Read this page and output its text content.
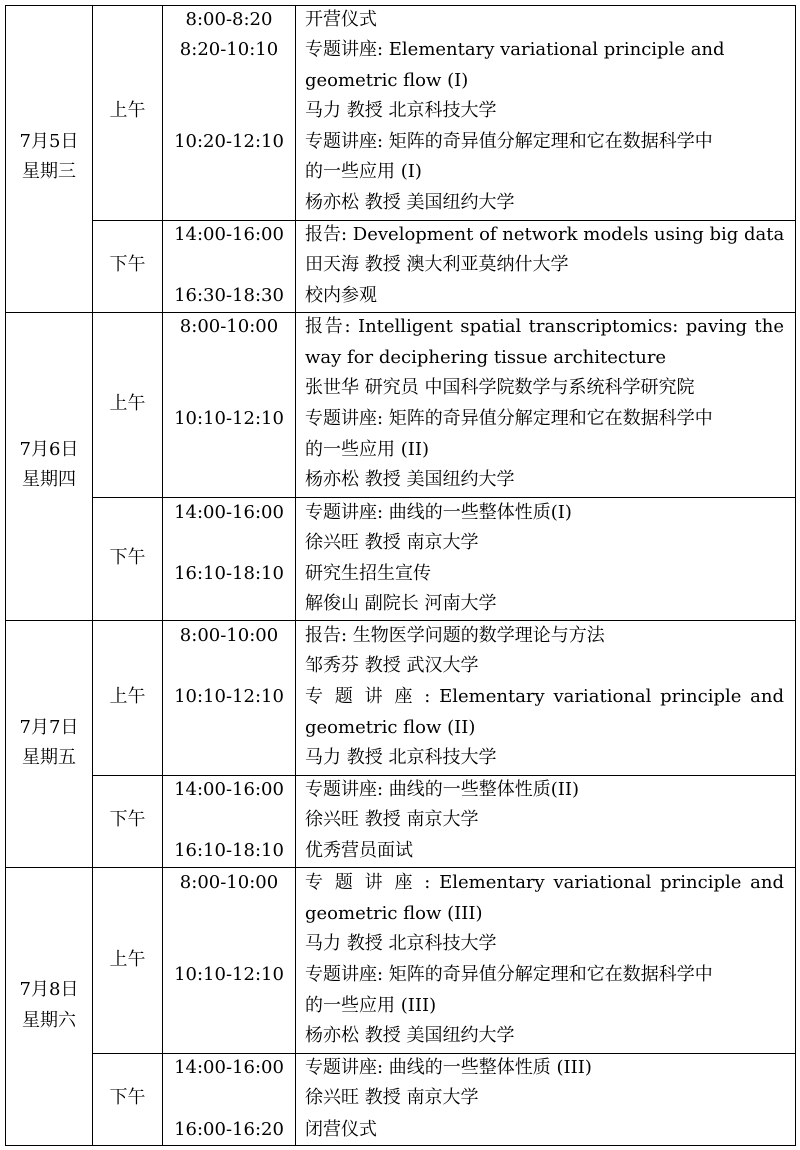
7月5日
星期三
上午
8:00-8:20
8:20-10:10
10:20-12:10
开营仪式
专题讲座: Elementary variational principle and
geometric flow (I)
马力 教授 北京科技大学
专题讲座: 矩阵的奇异值分解定理和它在数据科学中
的一些应用 (I)
杨亦松 教授 美国纽约大学
下午
14:00-16:00
16:30-18:30
报告: Development of network models using big data
田天海 教授 澳大利亚莫纳什大学
校内参观
7月6日
星期四
上午
8:00-10:00
10:10-12:10
报告: Intelligent spatial transcriptomics: paving the
way for deciphering tissue architecture
张世华 研究员 中国科学院数学与系统科学研究院
专题讲座: 矩阵的奇异值分解定理和它在数据科学中
的一些应用 (II)
杨亦松 教授 美国纽约大学
下午
14:00-16:00
16:10-18:10
专题讲座: 曲线的一些整体性质(I)
徐兴旺 教授 南京大学
研究生招生宣传
解俊山 副院长 河南大学
7月7日
星期五
上午
8:00-10:00
10:10-12:10
报告: 生物医学问题的数学理论与方法
邹秀芬 教授 武汉大学
专 题 讲 座 : Elementary variational principle and
geometric flow (II)
马力 教授 北京科技大学
下午
14:00-16:00
16:10-18:10
专题讲座: 曲线的一些整体性质(II)
徐兴旺 教授 南京大学
优秀营员面试
7月8日
星期六
上午
8:00-10:00
10:10-12:10
专 题 讲 座 : Elementary variational principle and
geometric flow (III)
马力 教授 北京科技大学
专题讲座: 矩阵的奇异值分解定理和它在数据科学中
的一些应用 (III)
杨亦松 教授 美国纽约大学
下午
14:00-16:00
16:00-16:20
专题讲座: 曲线的一些整体性质 (III)
徐兴旺 教授 南京大学
闭营仪式
